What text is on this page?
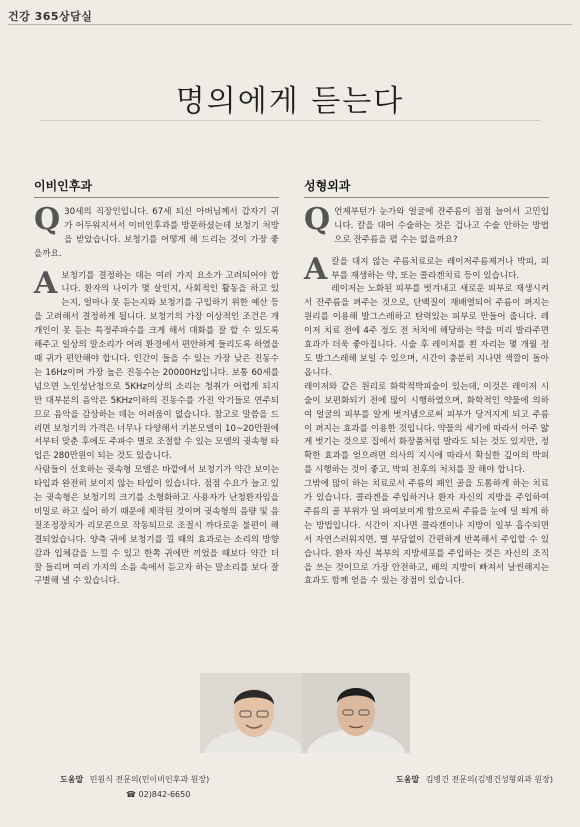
건강 365상담실
명의에게 듣는다
이비인후과
Q 30세의 직장인입니다. 67세 되신 아버님께서 갑자기 귀가 어두워지셔서 이비인후과를 방문하셨는데 보청기 처방을 받았습니다. 보청기를 어떻게 해 드리는 것이 가장 좋을까요.

A 보청기를 결정하는 데는 여러 가지 요소가 고려되어야 합니다. 환자의 나이가 몇 살인지, 사회적인 활동을 하고 있는지, 얼마나 못 듣는지와 보청기를 구입하기 위한 예산 등을 고려해서 결정하게 됩니다. 보청기의 가장 이상적인 조건은 개개인이 못 듣는 특정주파수를 크게 해서 대화를 잘 할 수 있도록 해주고 일상의 말소리가 어려 환경에서 편안하게 들리도록 하였을 때 귀가 편안해야 합니다. 인간이 들을 수 있는 가장 낮은 진동수는 16Hz이며 가장 높은 진동수는 20000Hz입니다. 보통 60세를 넘으면 노인성난청으로 5KHz이상의 소리는 청취가 어렵게 되지만 대부분의 음악은 5KHz이하의 진동수를 가진 악기들로 연주되므로 음악을 감상하는 데는 어려움이 없습니다. 참고로 말씀을 드리면 보청기의 가격은 너무나 다양해서 기본모델이 10~20만원에서부터 맞춘 후에도 주파수 별로 조절할 수 있는 모델의 귓속형 타입은 280만원이 되는 것도 있습니다.

사람들이 선호하는 귓속형 모델은 바깥에서 보청기가 약간 보이는 타입과 완전히 보이지 않는 타입이 있습니다. 점점 수요가 늘고 있는 귓속형은 보청기의 크기를 소형화하고 사용자가 난청환자임을 비밀로 하고 싶어 하기 때문에 제작된 것이며 귓속형의 음량 및 음질조정장치가 리모콘으로 작동되므로 조절시 까다로운 불편이 해결되었습니다. 양측 귀에 보청기를 낄 때의 효과로는 소리의 방향감과 입체감을 느낄 수 있고 한쪽 귀에만 끼었을 때보다 약간 더 잘 들리며 여러 가지의 소음 속에서 듣고자 하는 말소리를 보다 잘 구별해 낼 수 있습니다.

성형외과
Q 언제부턴가 눈가와 얼굴에 잔주름이 점점 늘어서 고민입니다. 칼을 대어 수술하는 것은 겁나고 수술 안하는 방법으로 잔주름을 펼 수는 없을까요?

A 칼을 대지 않는 주름치료로는 레이저주름제거나 박피, 피부를 재생하는 약, 또는 콜라겐치료 등이 있습니다.

레이저는 노화된 피부를 벗겨내고 새로운 피부로 재생시켜서 잔주름을 펴주는 것으로, 단백질이 재배열되어 주름이 펴지는 원리를 이용해 발그스레하고 탄력있는 피부로 만들어 줍니다. 레이저 치료 전에 4주 정도 전 처치에 해당하는 약을 미리 발라주면 효과가 더욱 좋아집니다. 시술 후 레이저를 쐰 자리는 몇 개월 정도 발그스레해 보일 수 있으며, 시간이 충분히 지나면 색깔이 돌아옵니다.

레이저와 같은 원리로 화학적박피술이 있는데, 이것은 레이저 시술이 보편화되기 전에 많이 시행하였으며, 화학적인 약물에 의하여 얼굴의 피부를 알게 벗겨냄으로써 피부가 당겨지게 되고 주름이 펴지는 효과를 이용한 것입니다. 약물의 세기에 따라서 아주 얇게 벗기는 것으로 집에서 화장품처럼 발라도 되는 것도 있지만, 정확한 효과를 얻으려면 의사의 지시에 따라서 확실한 깊이의 박피를 시행하는 것이 좋고, 박피 전후의 처치를 잘 해야 합니다.

그밖에 많이 하는 치료로서 주름의 패인 골을 도톰하게 하는 치료가 있습니다. 콜라겐을 주입하거나 환자 자신의 지방을 주입하여 주름의 골 부위가 덜 파여보이게 함으로써 주름을 눈에 덜 띄게 하는 방법입니다. 시간이 지나면 콜라겐이나 지방이 일부 흡수되면서 자연스러워지면, 별 부담없이 간편하게 반복해서 주입할 수 있습니다. 환자 자신 복부의 지방세포를 주입하는 것은 자신의 조직을 쓰는 것이므로 가장 안전하고, 배의 지방이 빠져서 날씬해지는 효과도 함께 얻을 수 있는 장점이 있습니다.

도움말 민원식 전문의(민이비인후과 원장)
☎ 02)842-6650
도움말 김병건 전문의(김병건성형외과 원장)
